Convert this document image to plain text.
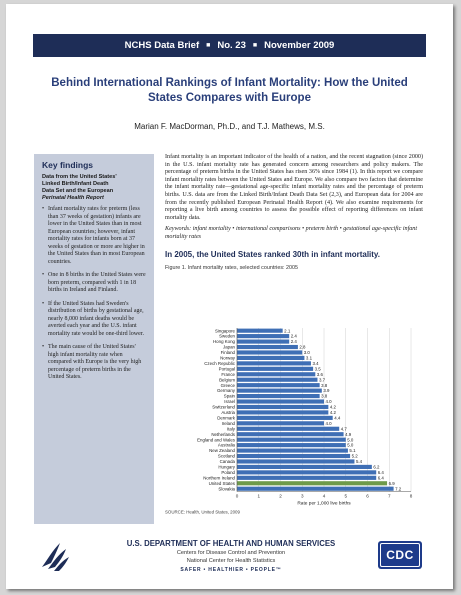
NCHS Data Brief ■ No. 23 ■ November 2009
Behind International Rankings of Infant Mortality: How the United States Compares with Europe
Marian F. MacDorman, Ph.D., and T.J. Mathews, M.S.
Key findings
Data from the United States'
Linked Birth/Infant Death
Data Set and the European
Perinatal Health Report
• Infant mortality rates for preterm (less than 37 weeks of gestation) infants are lower in the United States than in most European countries; however, infant mortality rates for infants born at 37 weeks of gestation or more are higher in the United States than in most European countries.
• One in 8 births in the United States were born preterm, compared with 1 in 18 births in Ireland and Finland.
• If the United States had Sweden's distribution of births by gestational age, nearly 8,000 infant deaths would be averted each year and the U.S. infant mortality rate would be one-third lower.
• The main cause of the United States' high infant mortality rate when compared with Europe is the very high percentage of preterm births in the United States.

Infant mortality is an important indicator of the health of a nation, and the recent stagnation (since 2000) in the U.S. infant mortality rate has generated concern among researchers and policy makers. The percentage of preterm births in the United States has risen 36% since 1984 (1). In this report we compare infant mortality rates between the United States and Europe. We also compare two factors that determine the infant mortality rate—gestational age-specific infant mortality rates and the percentage of preterm births. U.S. data are from the Linked Birth/Infant Death Data Set (2,3), and European data for 2004 are from the recently published European Perinatal Health Report (4). We also examine requirements for reporting a live birth among countries to assess the possible effect of reporting differences on infant mortality data.

Keywords: infant mortality • international comparisons • preterm birth • gestational age-specific infant mortality rates

In 2005, the United States ranked 30th in infant mortality.
Figure 1. Infant mortality rates, selected countries: 2005
0	1	2	3	4	5	6	7	8
Singapore	2.1
Sweden	2.4
Hong Kong	2.4
Japan	2.8
Finland	3.0
Norway	3.1
Czech Republic	3.4
Portugal	3.5
France	3.6
Belgium	3.7
Greece	3.8
Germany	3.9
Spain	3.8
Israel	4.0
Switzerland	4.2
Austria	4.2
Denmark	4.4
Ireland	4.0
Italy	4.7
Netherlands	4.9
England and Wales	5.0
Australia	5.0
New Zealand	5.1
Scotland	5.2
Canada	5.4
Hungary	6.2
Poland	6.4
Northern Ireland	6.4
United States	6.9
Slovakia	7.2
Rate per 1,000 live births
SOURCE: Health, United States, 2009
U.S. DEPARTMENT OF HEALTH AND HUMAN SERVICES
Centers for Disease Control and Prevention
National Center for Health Statistics
SAFER • HEALTHIER • PEOPLE™
CDC
